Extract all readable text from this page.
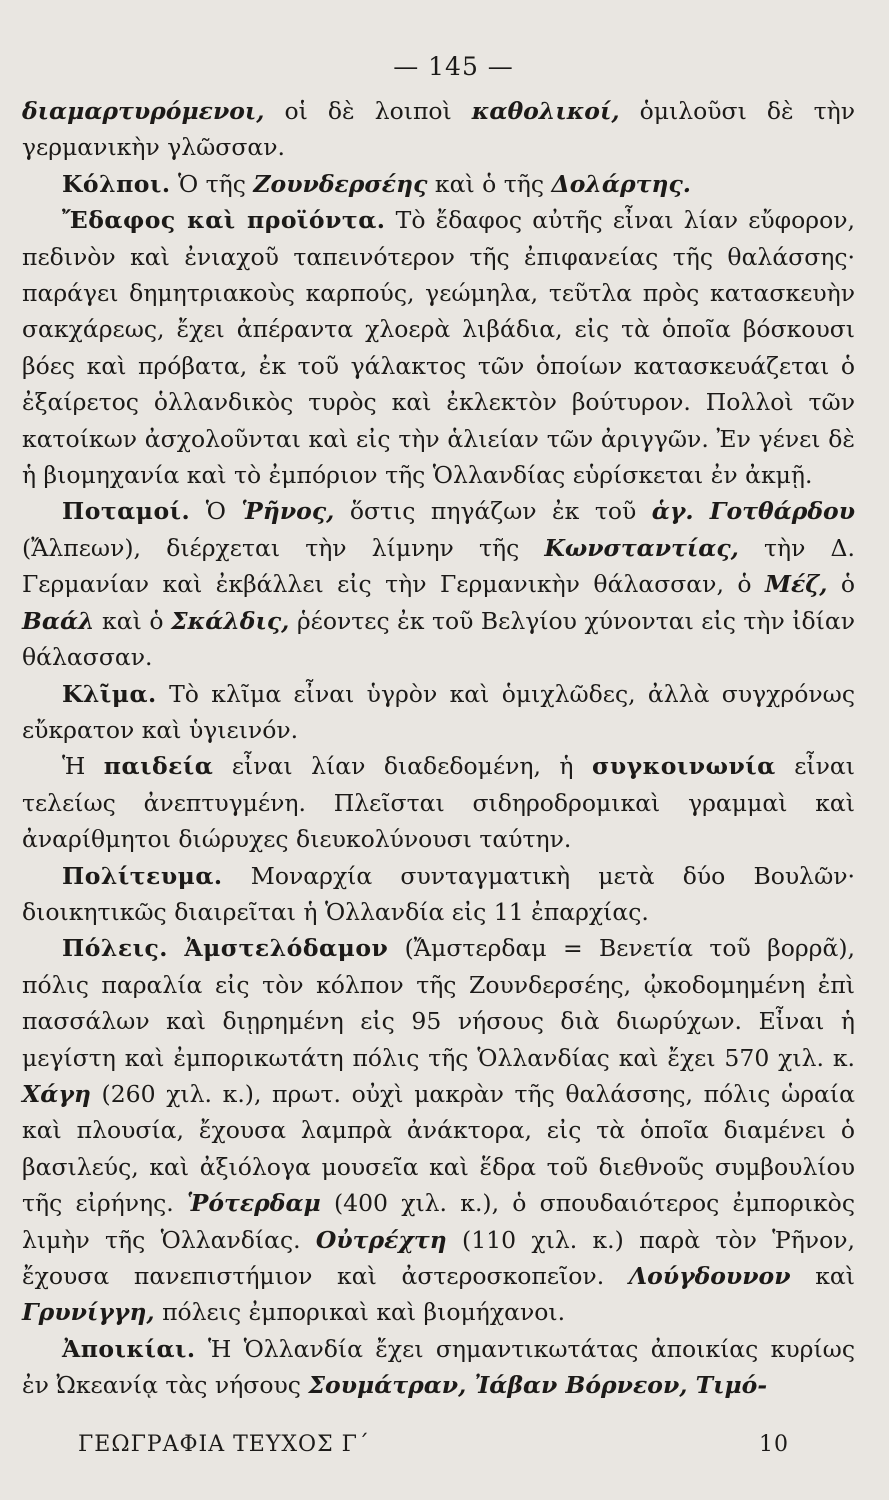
— 145 —

διαμαρτυρόμενοι, οἱ δὲ λοιποὶ καθολικοί, ὁμιλοῦσι δὲ τὴν γερμανικὴν γλῶσσαν.

Κόλποι. Ὁ τῆς Ζουνδερσέης καὶ ὁ τῆς Δολάρτης.

Ἔδαφος καὶ προϊόντα. Τὸ ἔδαφος αὐτῆς εἶναι λίαν εὔφορον, πεδινὸν καὶ ἐνιαχοῦ ταπεινότερον τῆς ἐπιφανείας τῆς θαλάσσης· παράγει δημητριακοὺς καρπούς, γεώμηλα, τεῦτλα πρὸς κατασκευὴν σακχάρεως, ἔχει ἀπέραντα χλοερὰ λιβάδια, εἰς τὰ ὁποῖα βόσκουσι βόες καὶ πρόβατα, ἐκ τοῦ γάλακτος τῶν ὁποίων κατασκευάζεται ὁ ἐξαίρετος ὁλλανδικὸς τυρὸς καὶ ἐκλεκτὸν βούτυρον. Πολλοὶ τῶν κατοίκων ἀσχολοῦνται καὶ εἰς τὴν ἁλιείαν τῶν ἀριγγῶν. Ἐν γένει δὲ ἡ βιομηχανία καὶ τὸ ἐμπόριον τῆς Ὁλλανδίας εὑρίσκεται ἐν ἀκμῇ.

Ποταμοί. Ὁ Ῥῆνος, ὅστις πηγάζων ἐκ τοῦ ἁγ. Γοτθάρδου (Ἄλπεων), διέρχεται τὴν λίμνην τῆς Κωνσταντίας, τὴν Δ. Γερμανίαν καὶ ἐκβάλλει εἰς τὴν Γερμανικὴν θάλασσαν, ὁ Μέζ, ὁ Βαάλ καὶ ὁ Σκάλδις, ῥέοντες ἐκ τοῦ Βελγίου χύνονται εἰς τὴν ἰδίαν θάλασσαν.

Κλῖμα. Τὸ κλῖμα εἶναι ὑγρὸν καὶ ὁμιχλῶδες, ἀλλὰ συγχρόνως εὔκρατον καὶ ὑγιεινόν.

Ἡ παιδεία εἶναι λίαν διαδεδομένη, ἡ συγκοινωνία εἶναι τελείως ἀνεπτυγμένη. Πλεῖσται σιδηροδρομικαὶ γραμμαὶ καὶ ἀναρίθμητοι διώρυχες διευκολύνουσι ταύτην.

Πολίτευμα. Μοναρχία συνταγματικὴ μετὰ δύο Βουλῶν· διοικητικῶς διαιρεῖται ἡ Ὁλλανδία εἰς 11 ἐπαρχίας.

Πόλεις. Ἀμστελόδαμον (Ἄμστερδαμ = Βενετία τοῦ βορρᾶ), πόλις παραλία εἰς τὸν κόλπον τῆς Ζουνδερσέης, ᾠκοδομημένη ἐπὶ πασσάλων καὶ διῃρημένη εἰς 95 νήσους διὰ διωρύχων. Εἶναι ἡ μεγίστη καὶ ἐμπορικωτάτη πόλις τῆς Ὁλλανδίας καὶ ἔχει 570 χιλ. κ. Χάγη (260 χιλ. κ.), πρωτ. οὐχὶ μακρὰν τῆς θαλάσσης, πόλις ὡραία καὶ πλουσία, ἔχουσα λαμπρὰ ἀνάκτορα, εἰς τὰ ὁποῖα διαμένει ὁ βασιλεύς, καὶ ἀξιόλογα μουσεῖα καὶ ἕδρα τοῦ διεθνοῦς συμβουλίου τῆς εἰρήνης. Ῥότερδαμ (400 χιλ. κ.), ὁ σπουδαιότερος ἐμπορικὸς λιμὴν τῆς Ὁλλανδίας. Οὐτρέχτη (110 χιλ. κ.) παρὰ τὸν Ῥῆνον, ἔχουσα πανεπιστήμιον καὶ ἀστεροσκοπεῖον. Λούγδουνον καὶ Γρυνίγγη, πόλεις ἐμπορικαὶ καὶ βιομήχανοι.

Ἀποικίαι. Ἡ Ὁλλανδία ἔχει σημαντικωτάτας ἀποικίας κυρίως ἐν Ὠκεανίᾳ τὰς νήσους Σουμάτραν, Ἰάβαν Βόρνεον, Τιμό-

ΓΕΩΓΡΑΦΙΑ ΤΕΥΧΟΣ Γ΄	10
